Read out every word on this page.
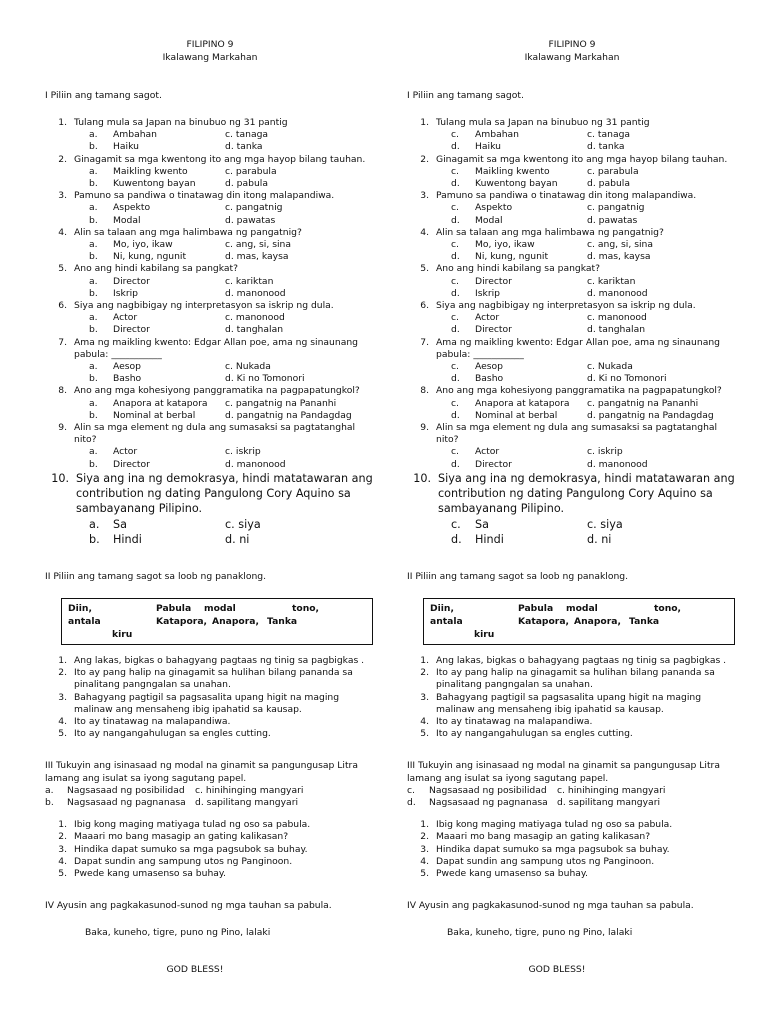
FILIPINO 9
Ikalawang Markahan
I Piliin ang tamang sagot.
1. Tulang mula sa Japan na binubuo ng 31 pantig
a.	Ambahan	c. tanaga
b.	Haiku	d. tanka
2. Ginagamit sa mga kwentong ito ang mga hayop bilang tauhan.
a.	Maikling kwento	c. parabula
b.	Kuwentong bayan	d. pabula
3. Pamuno sa pandiwa o tinatawag din itong malapandiwa.
a.	Aspekto	c. pangatnig
b.	Modal	d. pawatas
4. Alin sa talaan ang mga halimbawa ng pangatnig?
a.	Mo, iyo, ikaw	c. ang, si, sina
b.	Ni, kung, ngunit	d. mas, kaysa
5. Ano ang hindi kabilang sa pangkat?
a.	Director	c. kariktan
b.	Iskrip	d. manonood
6. Siya ang nagbibigay ng interpretasyon sa iskrip ng dula.
a.	Actor	c. manonood
b.	Director	d. tanghalan
7. Ama ng maikling kwento: Edgar Allan poe, ama ng sinaunang pabula: ___________
a.	Aesop	c. Nukada
b.	Basho	d. Ki no Tomonori
8. Ano ang mga kohesiyong panggramatika na pagpapatungkol?
a.	Anapora at katapora c. pangatnig na Pananhi
b.	Nominal at berbal	d. pangatnig na Pandagdag
9. Alin sa mga element ng dula ang sumasaksi sa pagtatanghal nito?
a.	Actor	c. iskrip
b.	Director	d. manonood
10. Siya ang ina ng demokrasya, hindi matatawaran ang contribution ng dating Pangulong Cory Aquino sa sambayanang Pilipino.
a.	Sa	c. siya
b.	Hindi	d. ni
II Piliin ang tamang sagot sa loob ng panaklong.
Diin,	Pabula modal	tono,
antala	Katapora, Anapora, Tanka
kiru
1. Ang lakas, bigkas o bahagyang pagtaas ng tinig sa pagbigkas .
2. Ito ay pang halip na ginagamit sa hulihan bilang pananda sa pinalitang pangngalan sa unahan.
3. Bahagyang pagtigil sa pagsasalita upang higit na maging malinaw ang mensaheng ibig ipahatid sa kausap.
4. Ito ay tinatawag na malapandiwa.
5. Ito ay nangangahulugan sa engles cutting.
III Tukuyin ang isinasaad ng modal na ginamit sa pangungusap Litra lamang ang isulat sa iyong sagutang papel.
a.	Nagsasaad ng posibilidad c. hinihinging mangyari
b.	Nagsasaad ng pagnanasa d. sapilitang mangyari
1. Ibig kong maging matiyaga tulad ng oso sa pabula.
2. Maaari mo bang masagip an gating kalikasan?
3. Hindika dapat sumuko sa mga pagsubok sa buhay.
4. Dapat sundin ang sampung utos ng Panginoon.
5. Pwede kang umasenso sa buhay.
IV Ayusin ang pagkakasunod-sunod ng mga tauhan sa pabula.
Baka, kuneho, tigre, puno ng Pino, lalaki
GOD BLESS!
FILIPINO 9
Ikalawang Markahan
I Piliin ang tamang sagot.
1. Tulang mula sa Japan na binubuo ng 31 pantig
c.	Ambahan	c. tanaga
d.	Haiku	d. tanka
2. Ginagamit sa mga kwentong ito ang mga hayop bilang tauhan.
c.	Maikling kwento	c. parabula
d.	Kuwentong bayan	d. pabula
3. Pamuno sa pandiwa o tinatawag din itong malapandiwa.
c.	Aspekto	c. pangatnig
d.	Modal	d. pawatas
4. Alin sa talaan ang mga halimbawa ng pangatnig?
c.	Mo, iyo, ikaw	c. ang, si, sina
d.	Ni, kung, ngunit	d. mas, kaysa
5. Ano ang hindi kabilang sa pangkat?
c.	Director	c. kariktan
d.	Iskrip	d. manonood
6. Siya ang nagbibigay ng interpretasyon sa iskrip ng dula.
c.	Actor	c. manonood
d.	Director	d. tanghalan
7. Ama ng maikling kwento: Edgar Allan poe, ama ng sinaunang pabula: ___________
c.	Aesop	c. Nukada
d.	Basho	d. Ki no Tomonori
8. Ano ang mga kohesiyong panggramatika na pagpapatungkol?
c.	Anapora at katapora c. pangatnig na Pananhi
d.	Nominal at berbal	d. pangatnig na Pandagdag
9. Alin sa mga element ng dula ang sumasaksi sa pagtatanghal nito?
c.	Actor	c. iskrip
d.	Director	d. manonood
10. Siya ang ina ng demokrasya, hindi matatawaran ang contribution ng dating Pangulong Cory Aquino sa sambayanang Pilipino.
c.	Sa	c. siya
d.	Hindi	d. ni
II Piliin ang tamang sagot sa loob ng panaklong.
Diin,	Pabula modal	tono,
antala	Katapora, Anapora, Tanka
kiru
1. Ang lakas, bigkas o bahagyang pagtaas ng tinig sa pagbigkas .
2. Ito ay pang halip na ginagamit sa hulihan bilang pananda sa pinalitang pangngalan sa unahan.
3. Bahagyang pagtigil sa pagsasalita upang higit na maging malinaw ang mensaheng ibig ipahatid sa kausap.
4. Ito ay tinatawag na malapandiwa.
5. Ito ay nangangahulugan sa engles cutting.
III Tukuyin ang isinasaad ng modal na ginamit sa pangungusap Litra lamang ang isulat sa iyong sagutang papel.
c.	Nagsasaad ng posibilidad c. hinihinging mangyari
d.	Nagsasaad ng pagnanasa d. sapilitang mangyari
1. Ibig kong maging matiyaga tulad ng oso sa pabula.
2. Maaari mo bang masagip an gating kalikasan?
3. Hindika dapat sumuko sa mga pagsubok sa buhay.
4. Dapat sundin ang sampung utos ng Panginoon.
5. Pwede kang umasenso sa buhay.
IV Ayusin ang pagkakasunod-sunod ng mga tauhan sa pabula.
Baka, kuneho, tigre, puno ng Pino, lalaki
GOD BLESS!
